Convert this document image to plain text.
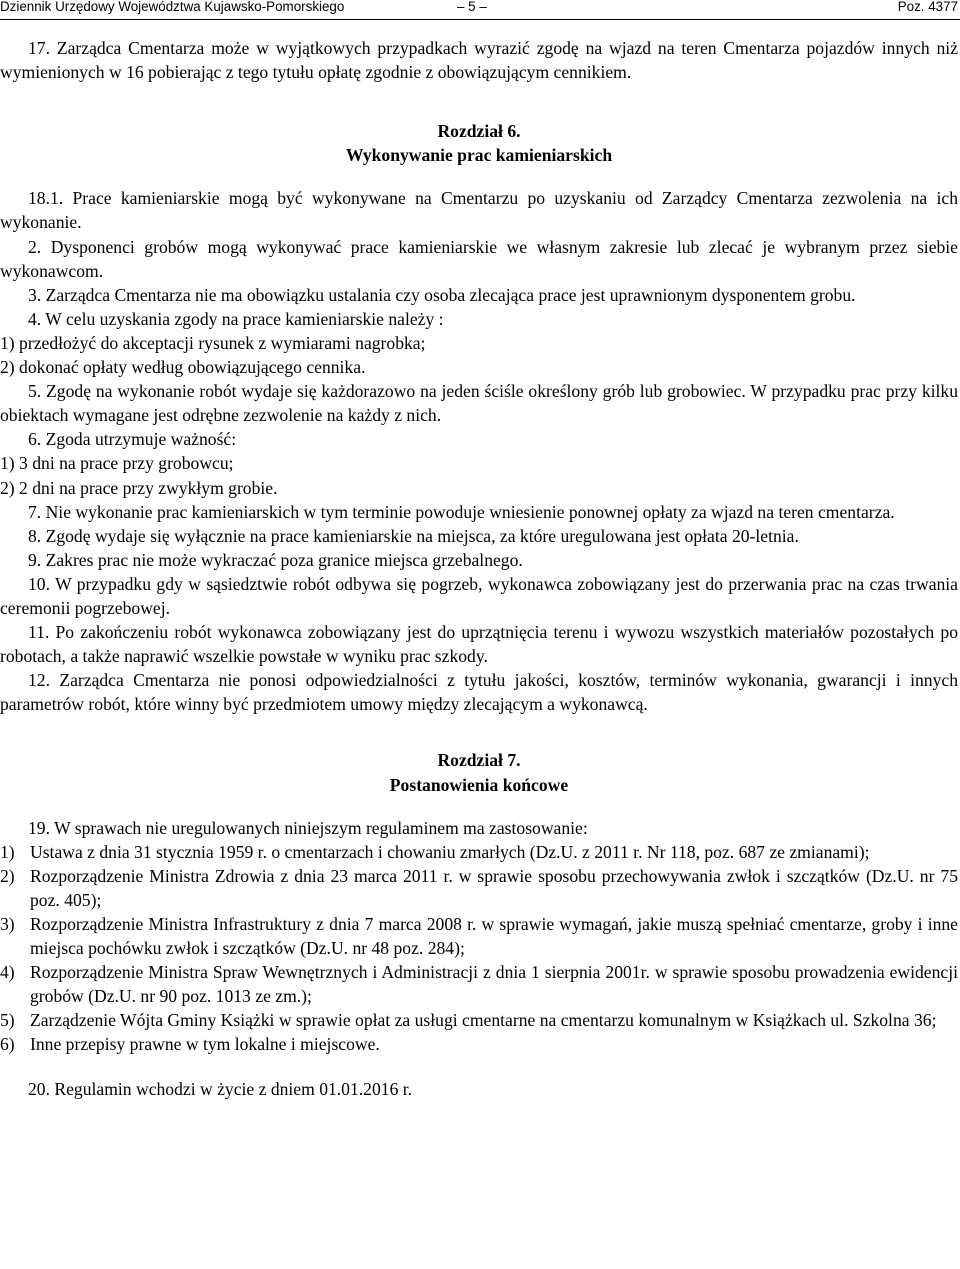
Dziennik Urzędowy Województwa Kujawsko-Pomorskiego	– 5 –	Poz. 4377

17. Zarządca Cmentarza może w wyjątkowych przypadkach wyrazić zgodę na wjazd na teren Cmentarza pojazdów innych niż wymienionych w 16 pobierając z tego tytułu opłatę zgodnie z obowiązującym cennikiem.

Rozdział 6.

Wykonywanie prac kamieniarskich

18.1. Prace kamieniarskie mogą być wykonywane na Cmentarzu po uzyskaniu od Zarządcy Cmentarza zezwolenia na ich wykonanie.

2. Dysponenci grobów mogą wykonywać prace kamieniarskie we własnym zakresie lub zlecać je wybranym przez siebie wykonawcom.

3. Zarządca Cmentarza nie ma obowiązku ustalania czy osoba zlecająca prace jest uprawnionym dysponentem grobu.

4. W celu uzyskania zgody na prace kamieniarskie należy :

1) przedłożyć do akceptacji rysunek z wymiarami nagrobka;

2) dokonać opłaty według obowiązującego cennika.

5. Zgodę na wykonanie robót wydaje się każdorazowo na jeden ściśle określony grób lub grobowiec. W przypadku prac przy kilku obiektach wymagane jest odrębne zezwolenie na każdy z nich.

6. Zgoda utrzymuje ważność:

1) 3 dni na prace przy grobowcu;

2) 2 dni na prace przy zwykłym grobie.

7. Nie wykonanie prac kamieniarskich w tym terminie powoduje wniesienie ponownej opłaty za wjazd na teren cmentarza.

8. Zgodę wydaje się wyłącznie na prace kamieniarskie na miejsca, za które uregulowana jest opłata 20-letnia.

9. Zakres prac nie może wykraczać poza granice miejsca grzebalnego.

10. W przypadku gdy w sąsiedztwie robót odbywa się pogrzeb, wykonawca zobowiązany jest do przerwania prac na czas trwania ceremonii pogrzebowej.

11. Po zakończeniu robót wykonawca zobowiązany jest do uprzątnięcia terenu i wywozu wszystkich materiałów pozostałych po robotach, a także naprawić wszelkie powstałe w wyniku prac szkody.

12. Zarządca Cmentarza nie ponosi odpowiedzialności z tytułu jakości, kosztów, terminów wykonania, gwarancji i innych parametrów robót, które winny być przedmiotem umowy między zlecającym a wykonawcą.

Rozdział 7.

Postanowienia końcowe

19. W sprawach nie uregulowanych niniejszym regulaminem ma zastosowanie:

1) Ustawa z dnia 31 stycznia 1959 r. o cmentarzach i chowaniu zmarłych (Dz.U. z 2011 r. Nr 118, poz. 687 ze zmianami);
2) Rozporządzenie Ministra Zdrowia z dnia 23 marca 2011 r. w sprawie sposobu przechowywania zwłok i szczątków (Dz.U. nr 75 poz. 405);
3) Rozporządzenie Ministra Infrastruktury z dnia 7 marca 2008 r. w sprawie wymagań, jakie muszą spełniać cmentarze, groby i inne miejsca pochówku zwłok i szczątków (Dz.U. nr 48 poz. 284);
4) Rozporządzenie Ministra Spraw Wewnętrznych i Administracji z dnia 1 sierpnia 2001r. w sprawie sposobu prowadzenia ewidencji grobów (Dz.U. nr 90 poz. 1013 ze zm.);
5) Zarządzenie Wójta Gminy Książki w sprawie opłat za usługi cmentarne na cmentarzu komunalnym w Książkach ul. Szkolna 36;
6) Inne przepisy prawne w tym lokalne i miejscowe.

20. Regulamin wchodzi w życie z dniem 01.01.2016 r.
